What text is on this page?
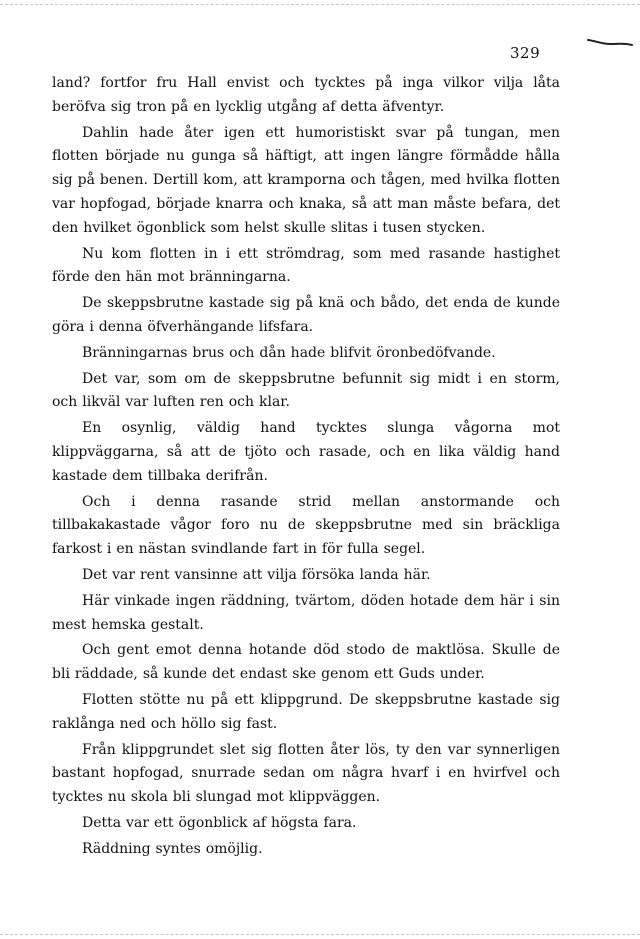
329

land? fortfor fru Hall envist och tycktes på inga vilkor vilja låta beröfva sig tron på en lycklig utgång af detta äfventyr.

Dahlin hade åter igen ett humoristiskt svar på tungan, men flotten började nu gunga så häftigt, att ingen längre förmådde hålla sig på benen. Dertill kom, att kramporna och tågen, med hvilka flotten var hopfogad, började knarra och knaka, så att man måste befara, det den hvilket ögonblick som helst skulle slitas i tusen stycken.

Nu kom flotten in i ett strömdrag, som med rasande hastighet förde den hän mot bränningarna.

De skeppsbrutne kastade sig på knä och bådo, det enda de kunde göra i denna öfverhängande lifsfara.

Bränningarnas brus och dån hade blifvit öronbedöfvande.

Det var, som om de skeppsbrutne befunnit sig midt i en storm, och likväl var luften ren och klar.

En osynlig, väldig hand tycktes slunga vågorna mot klippväggarna, så att de tjöto och rasade, och en lika väldig hand kastade dem tillbaka derifrån.

Och i denna rasande strid mellan anstormande och tillbakakastade vågor foro nu de skeppsbrutne med sin bräckliga farkost i en nästan svindlande fart in för fulla segel.

Det var rent vansinne att vilja försöka landa här.

Här vinkade ingen räddning, tvärtom, döden hotade dem här i sin mest hemska gestalt.

Och gent emot denna hotande död stodo de maktlösa. Skulle de bli räddade, så kunde det endast ske genom ett Guds under.

Flotten stötte nu på ett klippgrund. De skeppsbrutne kastade sig raklånga ned och höllo sig fast.

Från klippgrundet slet sig flotten åter lös, ty den var synnerligen bastant hopfogad, snurrade sedan om några hvarf i en hvirfvel och tycktes nu skola bli slungad mot klippväggen.

Detta var ett ögonblick af högsta fara.

Räddning syntes omöjlig.
